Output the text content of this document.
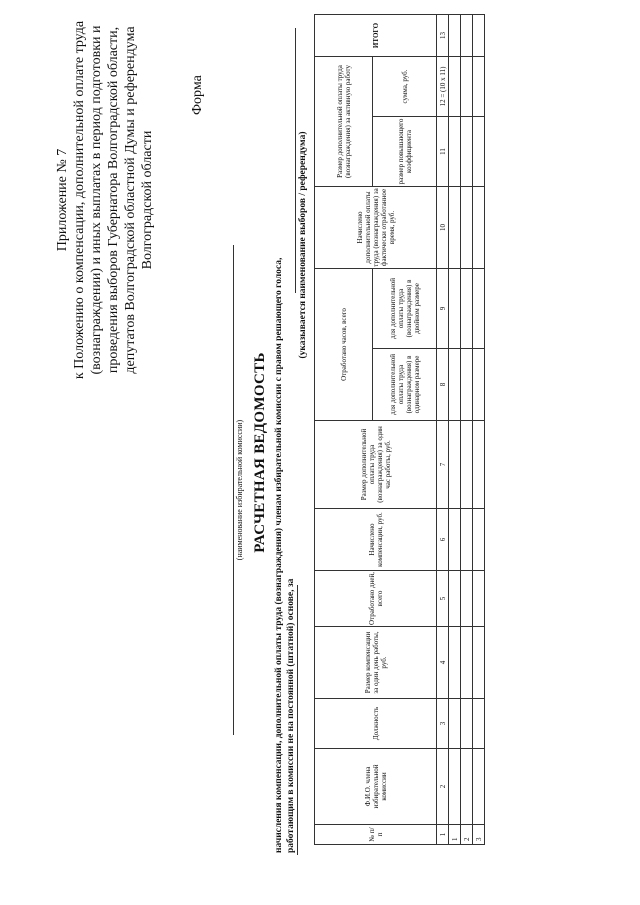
Приложение № 7 к Положению о компенсации, дополнительной оплате труда (вознаграждении) и иных выплатах в период подготовки и проведения выборов Губернатора Волгоградской области, депутатов Волгоградской областной Думы и референдума Волгоградской области
Форма
(наименование избирательной комиссии) РАСЧЕТНАЯ ВЕДОМОСТЬ начисления компенсации, дополнительной оплаты труда (вознаграждения) членам избирательной комиссии с правом решающего голоса, работающим в комиссии не на постоянной (штатной) основе, за
(указывается наименование выборов / референдума)
№ п/п	Ф.И.О. члена избирательной комиссии	Должность	Размер компенсации за один день работы, руб.	Отработано дней, всего	Начислено компенсации, руб.	Размер дополнительной оплаты труда (вознаграждения) за один час работы, руб.	Отработано часов, всего		Начислено дополнительной оплаты труда (вознаграждения) за фактически отработанное время, руб.	Размер дополнительной оплаты труда (вознаграждения) за активную работу		ИТОГО
							для дополнительной оплаты труда (вознаграждения) в одинарном размере	для дополнительной оплаты труда (вознаграждения) в двойном размере		размер повышающего коэффициента	сумма, руб.	
1	2	3	4	5	6	7	8	9	10	11	12 = (10 x 11)	13
1												
2												
3												
